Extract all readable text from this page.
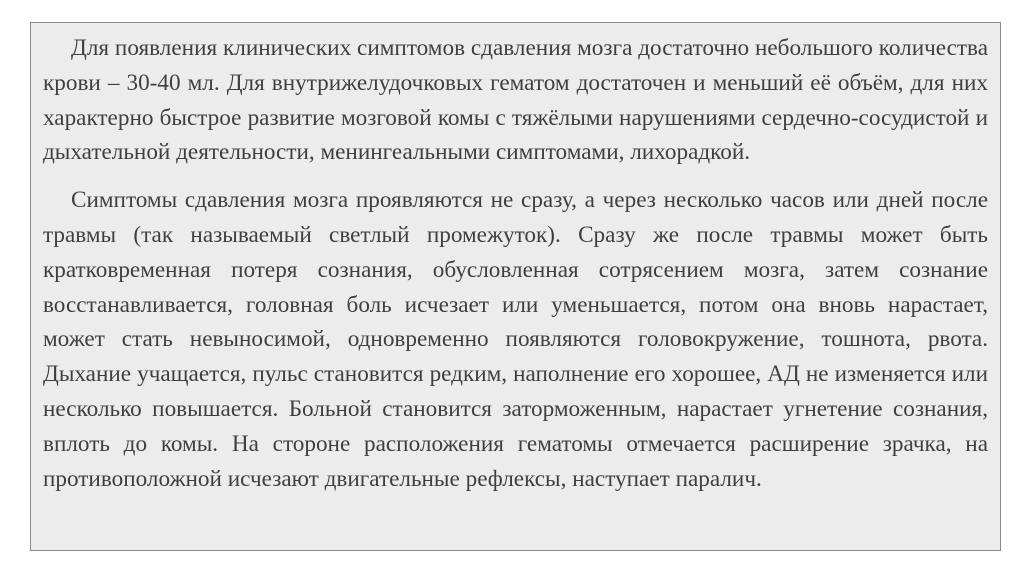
Для появления клинических симптомов сдавления мозга достаточно небольшого количества крови – 30-40 мл. Для внутрижелудочковых гематом достаточен и меньший её объём, для них характерно быстрое развитие мозговой комы с тяжёлыми нарушениями сердечно-сосудистой и дыхательной деятельности, менингеальными симптомами, лихорадкой.

Симптомы сдавления мозга проявляются не сразу, а через несколько часов или дней после травмы (так называемый светлый промежуток). Сразу же после травмы может быть кратковременная потеря сознания, обусловленная сотрясением мозга, затем сознание восстанавливается, головная боль исчезает или уменьшается, потом она вновь нарастает, может стать невыносимой, одновременно появляются головокружение, тошнота, рвота. Дыхание учащается, пульс становится редким, наполнение его хорошее, АД не изменяется или несколько повышается. Больной становится заторможенным, нарастает угнетение сознания, вплоть до комы. На стороне расположения гематомы отмечается расширение зрачка, на противоположной исчезают двигательные рефлексы, наступает паралич.
